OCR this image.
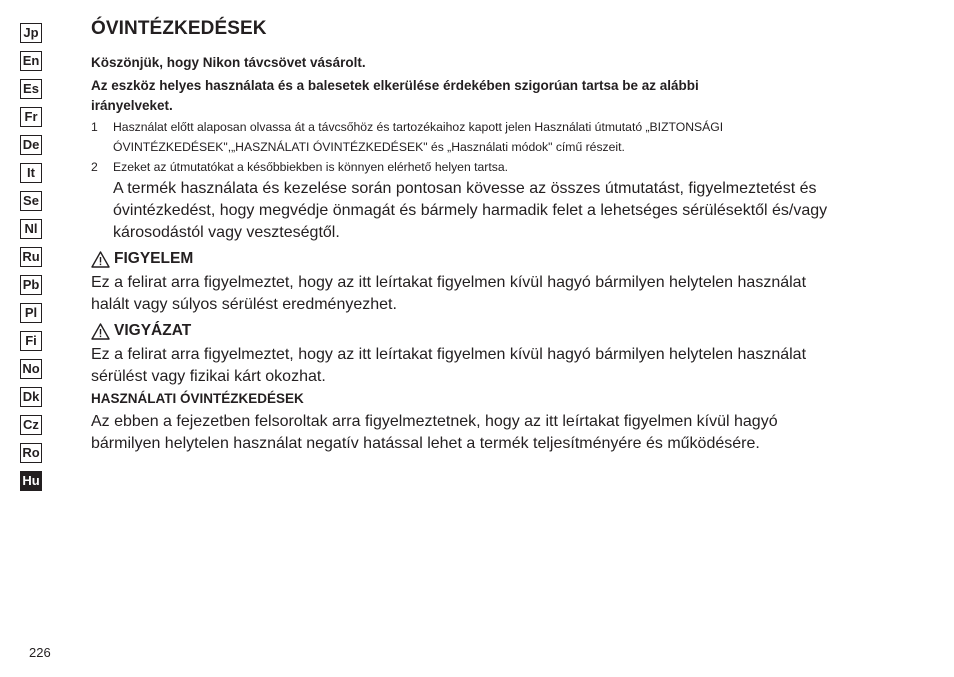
Jp
En
Es
Fr
De
It
Se
Nl
Ru
Pb
Pl
Fi
No
Dk
Cz
Ro
Hu
ÓVINTÉZKEDÉSEK

Köszönjük, hogy Nikon távcsövet vásárolt.

Az eszköz helyes használata és a balesetek elkerülése érdekében szigorúan tartsa be az alábbi

irányelveket.

1 Használat előtt alaposan olvassa át a távcsőhöz és tartozékaihoz kapott jelen Használati útmutató „BIZTONSÁGI
ÓVINTÉZKEDÉSEK",„HASZNÁLATI ÓVINTÉZKEDÉSEK" és „Használati módok" című részeit.
2 Ezeket az útmutatókat a későbbiekben is könnyen elérhető helyen tartsa.

A termék használata és kezelése során pontosan kövesse az összes útmutatást, figyelmeztetést és

óvintézkedést, hogy megvédje önmagát és bármely harmadik felet a lehetséges sérülésektől és/vagy

károsodástól vagy veszteségtől.

FIGYELEM

Ez a felirat arra figyelmeztet, hogy az itt leírtakat figyelmen kívül hagyó bármilyen helytelen használat

halált vagy súlyos sérülést eredményezhet.

VIGYÁZAT

Ez a felirat arra figyelmeztet, hogy az itt leírtakat figyelmen kívül hagyó bármilyen helytelen használat

sérülést vagy fizikai kárt okozhat.

HASZNÁLATI ÓVINTÉZKEDÉSEK

Az ebben a fejezetben felsoroltak arra figyelmeztetnek, hogy az itt leírtakat figyelmen kívül hagyó

bármilyen helytelen használat negatív hatással lehet a termék teljesítményére és működésére.

226
